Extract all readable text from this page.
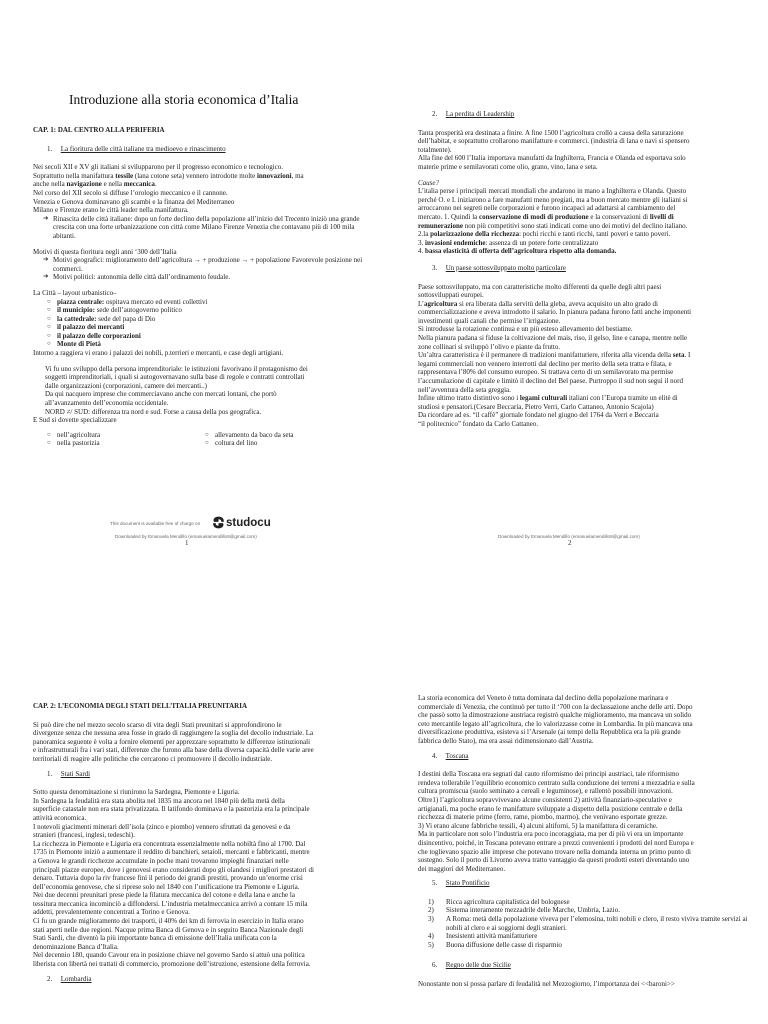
Introduzione alla storia economica d’Italia
CAP. 1: DAL CENTRO ALLA PERIFERIA
1. La fioritura delle città italiane tra medioevo e rinascimento

Nei secoli XII e XV gli italiani si svilupparono per il progresso economico e tecnologico.

Soprattutto nella manifattura tessile (lana cotone seta) vennero introdotte molte innovazioni, ma

anche nella navigazione e nella meccanica.

Nel corso del XII secolo si diffuse l’orologio meccanico e il cannone.

Venezia e Genova dominavano gli scambi e la finanza del Mediterraneo

Milano e Firenze erano le città leader nella manifattura.

➔ Rinascita delle città italiane: dopo un forte declino della popolazione all’inizio del Trecento iniziò una grande crescita con una forte urbanizzazione con città come Milano Firenze Venezia che contavano più di 100 mila abitanti.

Motivi di questa fioritura negli anni ‘300 dell’Italia

➔ Motivi geografici: miglioramento dell’agricoltura → + produzione → + popolazione Favorevole posizione nei commerci.
➔ Motivi politici: autonomia delle città dall’ordinamento feudale.

La Città – layout urbanistico–

○ piazza centrale: ospitava mercato ed eventi collettivi
○ il municipio: sede dell’autogoverno politico
○ la cattedrale: sede del papa di Dio
○ il palazzo dei mercanti
○ il palazzo delle corporazioni
○ Monte di Pietà

Intorno a raggiera vi erano i palazzi dei nobili, p.terrieri e mercanti, e case degli artigiani.

Vi fu uno sviluppo della persona imprenditoriale: le istituzioni favorivano il protagonismo dei

soggetti imprenditoriali, i quali si autogovernavano sulla base di regole e contratti controllati

dalle organizzazioni (corporazioni, camere dei mercanti..)

Da qui nacquero imprese che commerciavano anche con mercati lontani, che portò

all’avanzamento dell’economia occidentale.

NORD ≠/ SUD: differenza tra nord e sud. Forse a causa della pos geografica.

E Sud si dovette specializzare

○ nell’agricoltura
○ nella pastorizia
○ allevamento da baco da seta
○ coltura del lino
This document is available free of charge on studocu
Downloaded by Emanuela Mendillo (emanuelamendillo9@gmail.com)
1
2. La perdita di Leadership

Tanta prosperità era destinata a finire. A fine 1500 l’agricoltura crollò a causa della saturazione

dell’habitat, e soprattutto crollarono manifatture e commerci. (industria di lana e navi si spensero

totalmente).

Alla fine del 600 l’Italia importava manufatti da Inghilterra, Francia e Olanda ed esportava solo

materie prime e semilavorati come olio, grano, vino, lana e seta.

Cause?

L’italia perse i principali mercati mondiali che andarono in mano a Inghilterra e Olanda. Questo

perché O. e I. iniziarono a fare manufatti meno pregiati, ma a buon mercato mentre gli italiani si

arroccarono nei segreti nelle corporazioni e furono incapaci ad adattarsi al cambiamento del

mercato. 1. Quindi la conservazione di modi di produzione e la conservazioni di livelli di

remunerazione non più competitivi sono stati indicati come uno dei motivi del declino italiano.

2.la polarizzazione della ricchezza: pochi ricchi e tanti ricchi, tanti poveri e tanto poveri.

3. invasioni endemiche: assenza di un potere forte centralizzato

4. bassa elasticità di offerta dell’agricoltura rispetto alla domanda.

3. Un paese sottosviluppato molto particolare

Paese sottosviluppato, ma con caratteristiche molto differenti da quelle degli altri paesi

sottosviluppati europei.

L’agricoltura si era liberata dalla servitù della gleba, aveva acquisito un alto grado di

commercializzazione e aveva introdotto il salario. In pianura padana furono fatti anche imponenti

investimenti quali canali che permise l’irrigazione.

Si introdusse la rotazione continua e un più esteso allevamento del bestiame.

Nella pianura padana si fiduse la coltivazione del mais, riso, il gelso, line e canapa, mentre nelle

zone collinari si sviluppò l’olivo e piante da frutto.

Un’altra caratteristica è il permanere di tradizioni manifatturiere, riferita alla vicenda della seta. I

legami commerciali non vennero interrotti dal declino per merito della seta tratta e filata, e

rappresentava l’80% del consumo europeo. Si trattava certo di un semilavorato ma permise

l’accumulazione di capitale e limitò il declino del Bel paese. Purtroppo il sud non seguì il nord

nell’avventura della seta greggia.

Infine ultimo tratto distintivo sono i legami culturali italiani con l’Europa tramite un elitè di

studiosi e pensatori.(Cesare Beccaria, Pietro Verri, Carlo Cattaneo, Antonio Scajola)

Da ricordare ad es. “il caffè” giornale fondato nel giugno del 1764 da Verri e Beccaria

“il politecnico” fondato da Carlo Cattaneo.

Downloaded by Emanuela Mendillo (emanuelamendillo9@gmail.com)
2
CAP. 2: L’ECONOMIA DEGLI STATI DELL’ITALIA PREUNITARIA

Si può dire che nel mezzo secolo scarso di vita degli Stati preunitari si approfondirono le

divergenze senza che nessuna area fosse in grado di raggiungere la soglia del decollo industriale. La

panoramica seguente è volta a fornire elementi per apprezzare soprattutto le differenze istituzionali

e infrastrutturali fra i vari stati, differenze che furono alla base della diversa capacità delle varie aree

territoriali di reagire alle politiche che cercarono ci promuovere il decollo industriale.

1. Stati Sardi

Sotto questa denominazione si riunirono la Sardegna, Piemonte e Liguria.

In Sardegna la feudalità era stata abolita nel 1835 ma ancora nel 1840 più della metà della

superficie catastale non era stata privatizzata. Il latifondo dominava e la pastorizia era la principale

attività economica.

I notevoli giacimenti minerari dell’isola (zinco e piombo) vennero sfruttati da genovesi e da

stranieri (francesi, inglesi, tedeschi).

La ricchezza in Piemonte e Liguria era concentrata essenzialmente nella nobiltà fino al 1700. Dal

1735 in Piemonte iniziò a aumentare il reddito di banchieri, setaioli, mercanti e fabbricanti, mentre

a Genova le grandi ricchezze accumulate in poche mani trovarono impieghi finanziari nelle

principali piazze europee, dove i genovesi erano considerati dopo gli olandesi i migliori prestatori di

denaro. Tuttavia dopo la riv francese finì il periodo dei grandi prestiti, provando un’enorme crisi

dell’economia genovese, che si riprese solo nel 1840 con l’unificazione tra Piemonte e Liguria.

Nei due decenni preunitari prese piede la filatura meccanica del cotone e della lana e anche la

tessitura meccanica incominciò a diffondersi. L’industria metalmeccanica arrivò a contare 15 mila

addetti, prevalentemente concentrati a Torino e Genova.

Ci fu un grande miglioramento dei trasporti, il 40% dei km di ferrovia in esercizio in Italia erano

stati aperti nelle due regioni. Nacque prima Banca di Genova e in seguito Banca Nazionale degli

Stati Sardi, che diventò la più importante banca di emissione dell’Italia unificata con la

denominazione Banca d’Italia.

Nel decennio 180, quando Cavour era in posizione chiave nel governo Sardo si attuò una politica

liberista con libertà nei trattati di commercio, promozione dell’istruzione, estensione della ferrovia.

2. Lombardia

La storia economica del Veneto è tutta dominata dal declino della popolazione marinara e

commerciale di Venezia, che continuò per tutto il ‘700 con la declassazione anche delle arti. Dopo

che passò sotto la dimostrazione austriaca registrò qualche miglioramento, ma mancava un solido

ceto mercantile legato all’agricoltura, che lo valorizzasse come in Lombardia. In più mancava una

diversificazione produttiva, esisteva si l’Arsenale (ai tempi della Repubblica era la più grande

fabbrica dello Stato), ma era assai ridimensionato dall’Austria.

4. Toscana

I destini della Toscana era segnati dal cauto riformismo dei principi austriaci, tale riformismo

rendeva tollerabile l’equilibrio economico centrato sulla conduzione dei terreni a mezzadria e sulla

cultura promiscua (suolo seminato a cereali e leguminose), e rallentò possibili innovazioni.

Oltre1) l’agricoltura sopravvivevano alcune consistenti 2) attività finanziario-speculative e

artigianali, ma poche erano le manifatture sviluppate a dispetto della posizione centrale e della

ricchezza di materie prime (ferro, rame, piombo, marmo), che venivano esportate grezze.

3) Vi erano alcune fabbriche tessili, 4) alcuni altiforni, 5) la manifattura di ceramiche.

Ma in particolare non solo l’industria era poco incoraggiata, ma per di più vi era un importante

disincentivo, poiché, in Toscana potevano entrare a prezzi convenienti i prodotti del nord Europa e

che toglievano spazio alle imprese che potevano trovare nella domanda interna un primo punto di

sostegno. Solo il porto di Livorno aveva tratto vantaggio da questi prodotti esteri diventando uno

dei maggiori del Mediterraneo.

5. Stato Pontificio
1) Ricca agricoltura capitalistica del bolognese
2) Sistema interamente mezzadrile delle Marche, Umbria, Lazio.
3) A Roma: metà della popolazione viveva per l’elemosina, tolti nobili e clero, il resto viviva tramite servizi ai nobili al clero e ai soggiorni degli stranieri.
4) Inesistenti attività manifatturiere
5) Buona diffusione delle casse di risparmio
6. Regno delle due Sicilie

Nonostante non si possa parlare di feudalità nel Mezzogiorno, l’importanza dei <<baroni>>
